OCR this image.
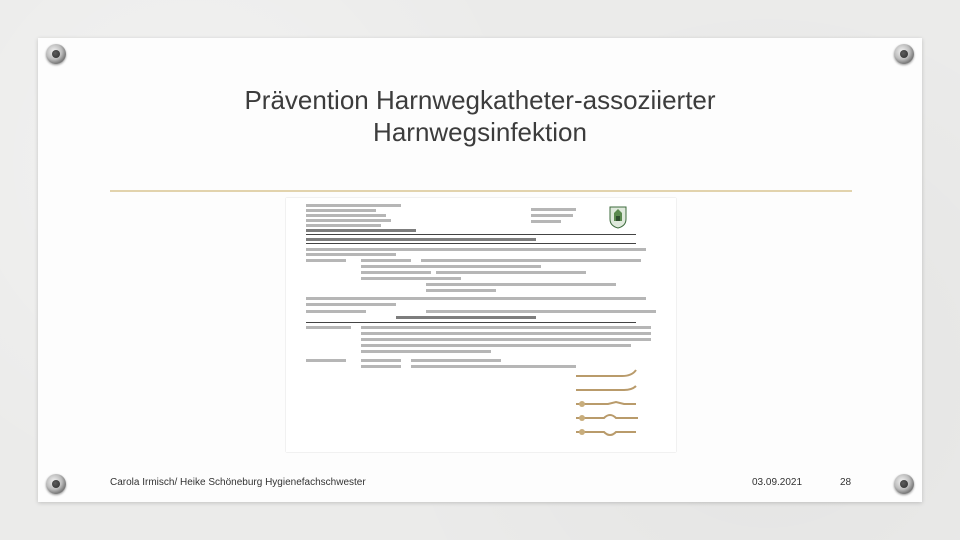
Prävention Harnwegkatheter-assoziierter
Harnwegsinfektion
Carola Irmisch/ Heike Schöneburg Hygienefachschwester	03.09.2021	28
